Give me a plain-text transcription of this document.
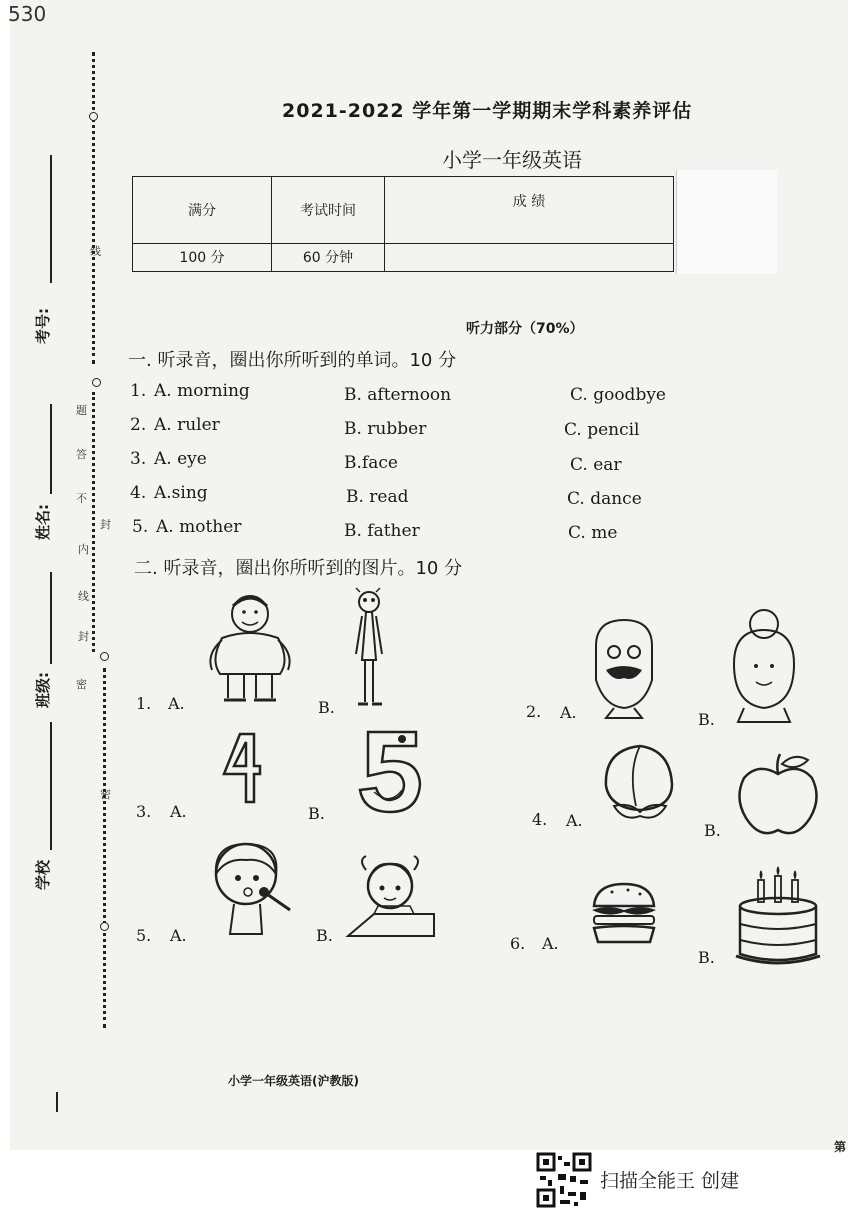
530
线
考号:
姓名:
班级:
学校
题
答
不
内
封
线
封
密
密
2021-2022 学年第一学期期末学科素养评估
小学一年级英语
满分	考试时间	成 绩
100 分	60 分钟	
听力部分（70%）
一. 听录音，圈出你所听到的单词。10 分
1. A. morning	B. afternoon	C. goodbye
2. A. ruler	B. rubber	C. pencil
3. A. eye	B.face	C. ear
4. A.sing	B. read	C. dance
5. A. mother	B. father	C. me
二. 听录音，圈出你所听到的图片。10 分
1. A.	B.	2. A.	B.
3. A.	B.	4. A.
B.
5. A.	B.	6. A.
B.
小学一年级英语(沪教版)
第
扫描全能王 创建
